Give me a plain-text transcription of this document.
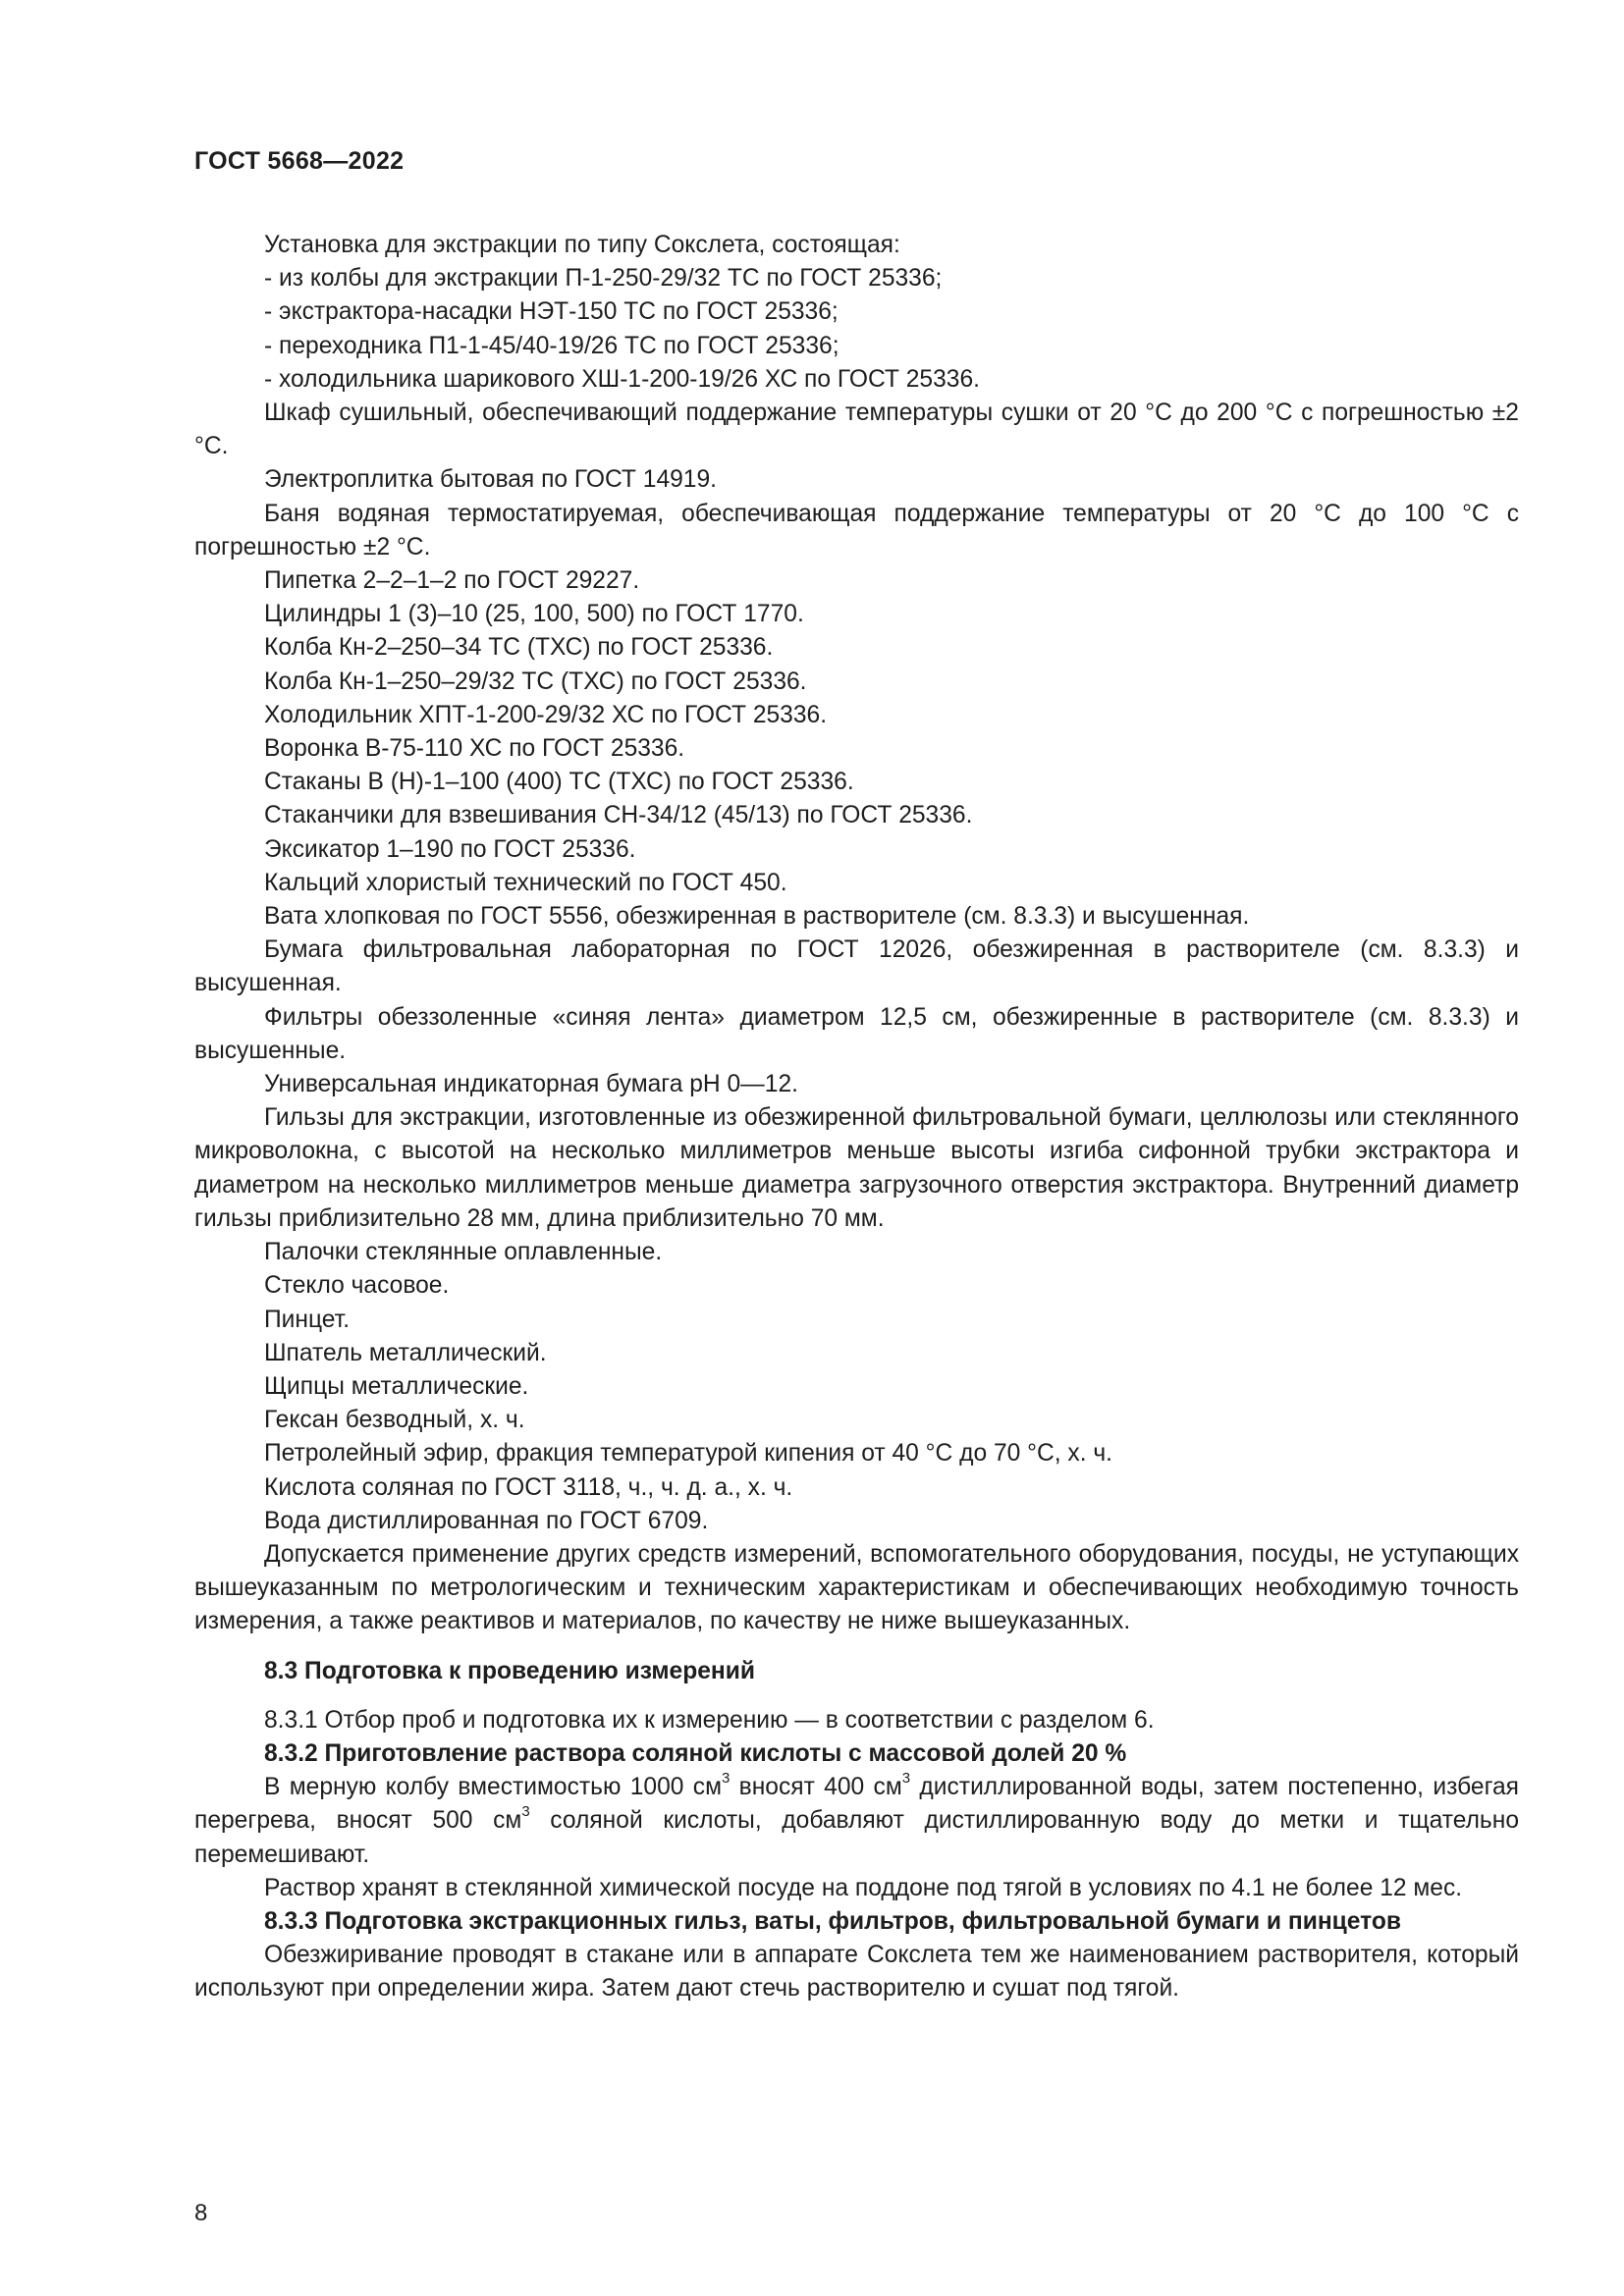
ГОСТ 5668—2022

Установка для экстракции по типу Сокслета, состоящая:

- из колбы для экстракции П-1-250-29/32 ТС по ГОСТ 25336;

- экстрактора-насадки НЭТ-150 ТС по ГОСТ 25336;

- переходника П1-1-45/40-19/26 ТС по ГОСТ 25336;

- холодильника шарикового ХШ-1-200-19/26 ХС по ГОСТ 25336.

Шкаф сушильный, обеспечивающий поддержание температуры сушки от 20 °С до 200 °С с погрешностью ±2 °С.

Электроплитка бытовая по ГОСТ 14919.

Баня водяная термостатируемая, обеспечивающая поддержание температуры от 20 °С до 100 °С с погрешностью ±2 °С.

Пипетка 2–2–1–2 по ГОСТ 29227.

Цилиндры 1 (3)–10 (25, 100, 500) по ГОСТ 1770.

Колба Кн-2–250–34 ТС (ТХС) по ГОСТ 25336.

Колба Кн-1–250–29/32 ТС (ТХС) по ГОСТ 25336.

Холодильник ХПТ-1-200-29/32 ХС по ГОСТ 25336.

Воронка В-75-110 ХС по ГОСТ 25336.

Стаканы В (Н)-1–100 (400) ТС (ТХС) по ГОСТ 25336.

Стаканчики для взвешивания СН-34/12 (45/13) по ГОСТ 25336.

Эксикатор 1–190 по ГОСТ 25336.

Кальций хлористый технический по ГОСТ 450.

Вата хлопковая по ГОСТ 5556, обезжиренная в растворителе (см. 8.3.3) и высушенная.

Бумага фильтровальная лабораторная по ГОСТ 12026, обезжиренная в растворителе (см. 8.3.3) и высушенная.

Фильтры обеззоленные «синяя лента» диаметром 12,5 см, обезжиренные в растворителе (см. 8.3.3) и высушенные.

Универсальная индикаторная бумага рН 0—12.

Гильзы для экстракции, изготовленные из обезжиренной фильтровальной бумаги, целлюлозы или стеклянного микроволокна, с высотой на несколько миллиметров меньше высоты изгиба сифонной трубки экстрактора и диаметром на несколько миллиметров меньше диаметра загрузочного отверстия экстрактора. Внутренний диаметр гильзы приблизительно 28 мм, длина приблизительно 70 мм.

Палочки стеклянные оплавленные.

Стекло часовое.

Пинцет.

Шпатель металлический.

Щипцы металлические.

Гексан безводный, х. ч.

Петролейный эфир, фракция температурой кипения от 40 °С до 70 °С, х. ч.

Кислота соляная по ГОСТ 3118, ч., ч. д. а., х. ч.

Вода дистиллированная по ГОСТ 6709.

Допускается применение других средств измерений, вспомогательного оборудования, посуды, не уступающих вышеуказанным по метрологическим и техническим характеристикам и обеспечивающих необходимую точность измерения, а также реактивов и материалов, по качеству не ниже вышеуказанных.

8.3 Подготовка к проведению измерений

8.3.1 Отбор проб и подготовка их к измерению — в соответствии с разделом 6.

8.3.2 Приготовление раствора соляной кислоты с массовой долей 20 %

В мерную колбу вместимостью 1000 $см^3$ вносят 400 $см^3$ дистиллированной воды, затем постепенно, избегая перегрева, вносят 500 $см^3$ соляной кислоты, добавляют дистиллированную воду до метки и тщательно перемешивают.

Раствор хранят в стеклянной химической посуде на поддоне под тягой в условиях по 4.1 не более 12 мес.

8.3.3 Подготовка экстракционных гильз, ваты, фильтров, фильтровальной бумаги и пинцетов

Обезжиривание проводят в стакане или в аппарате Сокслета тем же наименованием растворителя, который используют при определении жира. Затем дают стечь растворителю и сушат под тягой.

8
